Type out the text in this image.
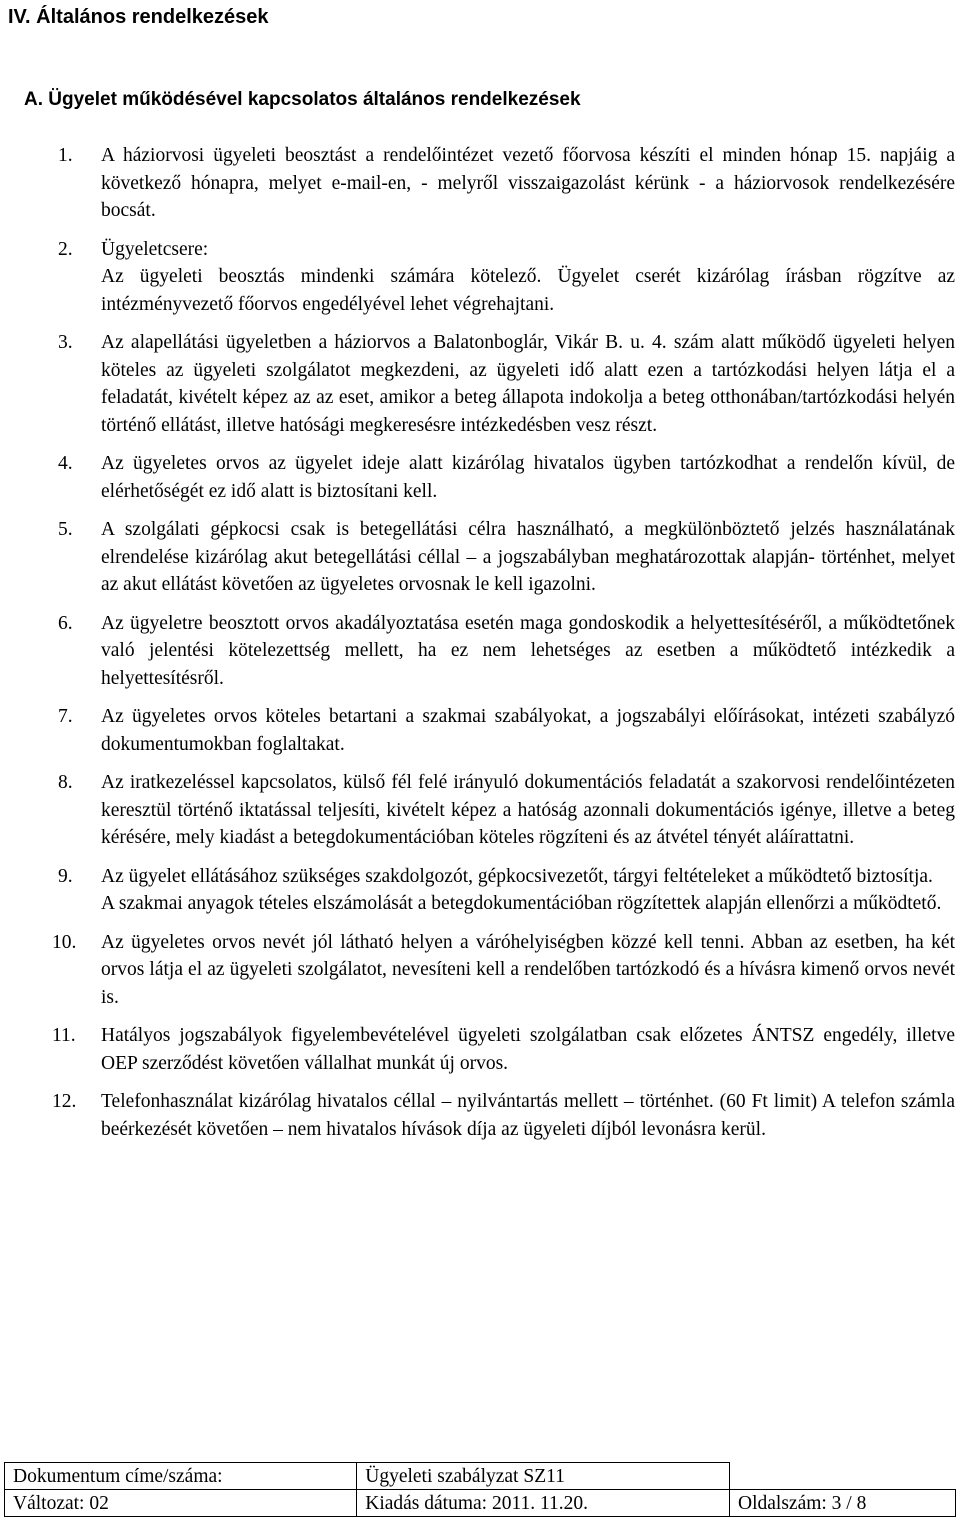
IV. Általános rendelkezések
A. Ügyelet működésével kapcsolatos általános rendelkezések
1. A háziorvosi ügyeleti beosztást a rendelőintézet vezető főorvosa készíti el minden hónap 15. napjáig a következő hónapra, melyet e-mail-en, - melyről visszaigazolást kérünk - a háziorvosok rendelkezésére bocsát.

2. Ügyeletcsere:

Az ügyeleti beosztás mindenki számára kötelező. Ügyelet cserét kizárólag írásban rögzítve az intézményvezető főorvos engedélyével lehet végrehajtani.

3. Az alapellátási ügyeletben a háziorvos a Balatonboglár, Vikár B. u. 4. szám alatt működő ügyeleti helyen köteles az ügyeleti szolgálatot megkezdeni, az ügyeleti idő alatt ezen a tartózkodási helyen látja el a feladatát, kivételt képez az az eset, amikor a beteg állapota indokolja a beteg otthonában/tartózkodási helyén történő ellátást, illetve hatósági megkeresésre intézkedésben vesz részt.

4. Az ügyeletes orvos az ügyelet ideje alatt kizárólag hivatalos ügyben tartózkodhat a rendelőn kívül, de elérhetőségét ez idő alatt is biztosítani kell.

5. A szolgálati gépkocsi csak is betegellátási célra használható, a megkülönböztető jelzés használatának elrendelése kizárólag akut betegellátási céllal – a jogszabályban meghatározottak alapján- történhet, melyet az akut ellátást követően az ügyeletes orvosnak le kell igazolni.

6. Az ügyeletre beosztott orvos akadályoztatása esetén maga gondoskodik a helyettesítéséről, a működtetőnek való jelentési kötelezettség mellett, ha ez nem lehetséges az esetben a működtető intézkedik a helyettesítésről.

7. Az ügyeletes orvos köteles betartani a szakmai szabályokat, a jogszabályi előírásokat, intézeti szabályzó dokumentumokban foglaltakat.

8. Az iratkezeléssel kapcsolatos, külső fél felé irányuló dokumentációs feladatát a szakorvosi rendelőintézeten keresztül történő iktatással teljesíti, kivételt képez a hatóság azonnali dokumentációs igénye, illetve a beteg kérésére, mely kiadást a betegdokumentációban köteles rögzíteni és az átvétel tényét aláírattatni.

9. Az ügyelet ellátásához szükséges szakdolgozót, gépkocsivezetőt, tárgyi feltételeket a működtető biztosítja.

A szakmai anyagok tételes elszámolását a betegdokumentációban rögzítettek alapján ellenőrzi a működtető.

10. Az ügyeletes orvos nevét jól látható helyen a váróhelyiségben közzé kell tenni. Abban az esetben, ha két orvos látja el az ügyeleti szolgálatot, nevesíteni kell a rendelőben tartózkodó és a hívásra kimenő orvos nevét is.

11. Hatályos jogszabályok figyelembevételével ügyeleti szolgálatban csak előzetes ÁNTSZ engedély, illetve OEP szerződést követően vállalhat munkát új orvos.

12. Telefonhasználat kizárólag hivatalos céllal – nyilvántartás mellett – történhet. (60 Ft limit) A telefon számla beérkezését követően – nem hivatalos hívások díja az ügyeleti díjból levonásra kerül.

Dokumentum címe/száma:	Ügyeleti szabályzat SZ11	
Változat: 02	Kiadás dátuma: 2011. 11.20.	Oldalszám: 3 / 8
